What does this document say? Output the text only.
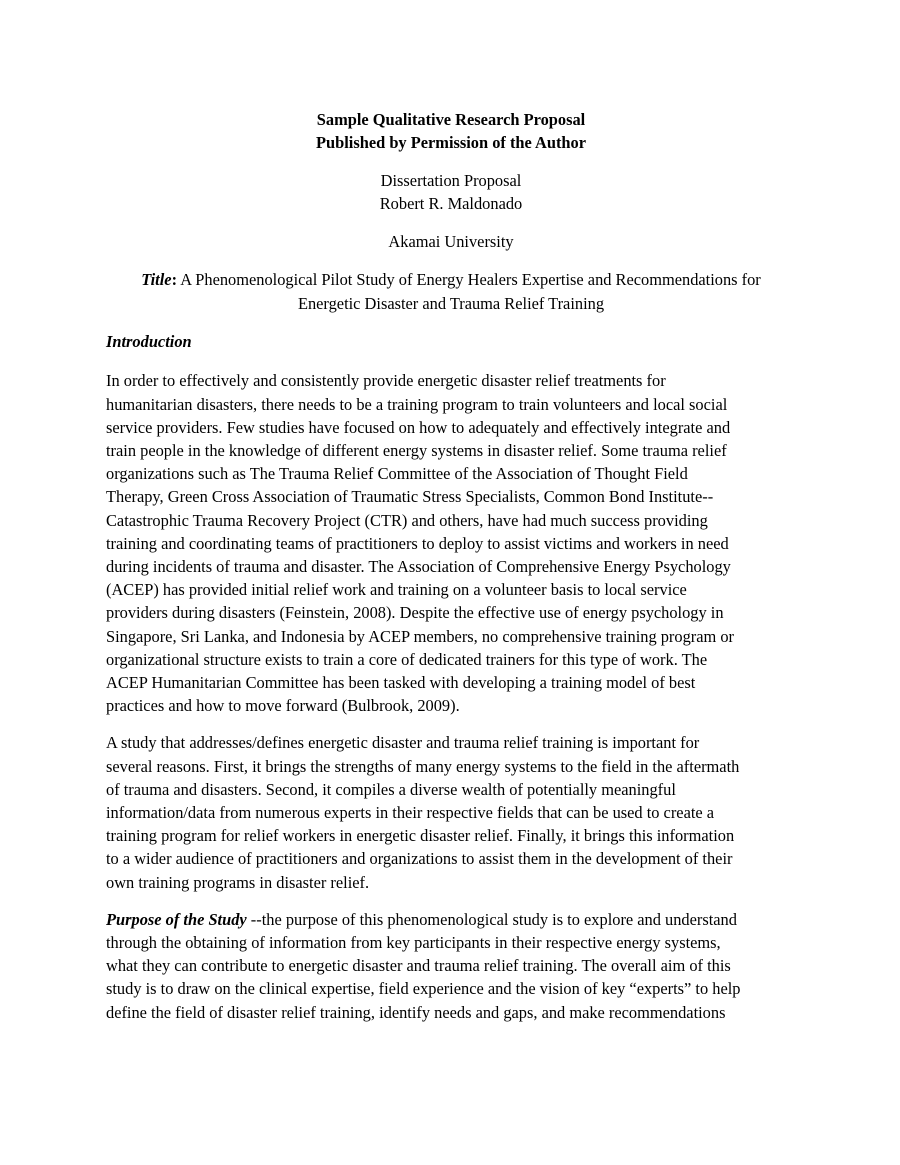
Sample Qualitative Research Proposal
Published by Permission of the Author
Dissertation Proposal
Robert R. Maldonado
Akamai University
Title: A Phenomenological Pilot Study of Energy Healers Expertise and Recommendations for
Energetic Disaster and Trauma Relief Training
Introduction
In order to effectively and consistently provide energetic disaster relief treatments for
humanitarian disasters, there needs to be a training program to train volunteers and local social
service providers. Few studies have focused on how to adequately and effectively integrate and
train people in the knowledge of different energy systems in disaster relief. Some trauma relief
organizations such as The Trauma Relief Committee of the Association of Thought Field
Therapy, Green Cross Association of Traumatic Stress Specialists, Common Bond Institute--
Catastrophic Trauma Recovery Project (CTR) and others, have had much success providing
training and coordinating teams of practitioners to deploy to assist victims and workers in need
during incidents of trauma and disaster. The Association of Comprehensive Energy Psychology
(ACEP) has provided initial relief work and training on a volunteer basis to local service
providers during disasters (Feinstein, 2008). Despite the effective use of energy psychology in
Singapore, Sri Lanka, and Indonesia by ACEP members, no comprehensive training program or
organizational structure exists to train a core of dedicated trainers for this type of work. The
ACEP Humanitarian Committee has been tasked with developing a training model of best
practices and how to move forward (Bulbrook, 2009).
A study that addresses/defines energetic disaster and trauma relief training is important for
several reasons. First, it brings the strengths of many energy systems to the field in the aftermath
of trauma and disasters. Second, it compiles a diverse wealth of potentially meaningful
information/data from numerous experts in their respective fields that can be used to create a
training program for relief workers in energetic disaster relief. Finally, it brings this information
to a wider audience of practitioners and organizations to assist them in the development of their
own training programs in disaster relief.
Purpose of the Study --the purpose of this phenomenological study is to explore and understand
through the obtaining of information from key participants in their respective energy systems,
what they can contribute to energetic disaster and trauma relief training. The overall aim of this
study is to draw on the clinical expertise, field experience and the vision of key “experts” to help
define the field of disaster relief training, identify needs and gaps, and make recommendations
